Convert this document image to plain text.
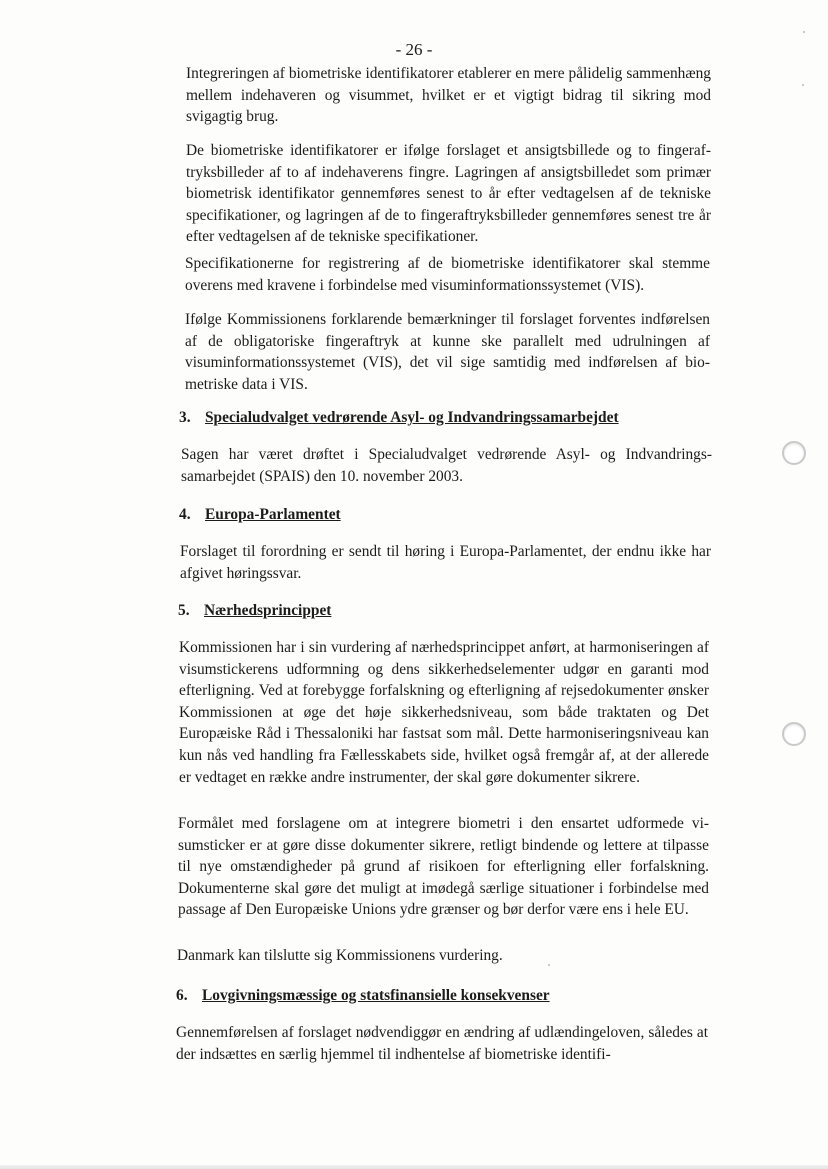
- 26 -

Integreringen af biometriske identifikatorer etablerer en mere pålidelig sammenhæng mellem indehaveren og visummet, hvilket er et vigtigt bidrag til sikring mod svigagtig brug.

De biometriske identifikatorer er ifølge forslaget et ansigtsbillede og to fingeraftryksbilleder af to af indehaverens fingre. Lagringen af ansigtsbilledet som primær biometrisk identifikator gennemføres senest to år efter vedtagelsen af de tekniske specifikationer, og lagringen af de to fingeraftryksbilleder gennemføres senest tre år efter vedtagelsen af de tekniske specifikationer.

Specifikationerne for registrering af de biometriske identifikatorer skal stemme overens med kravene i forbindelse med visuminformationssystemet (VIS).

Ifølge Kommissionens forklarende bemærkninger til forslaget forventes indførelsen af de obligatoriske fingeraftryk at kunne ske parallelt med udrulningen af visuminformationssystemet (VIS), det vil sige samtidig med indførelsen af biometriske data i VIS.

3. Specialudvalget vedrørende Asyl- og Indvandringssamarbejdet

Sagen har været drøftet i Specialudvalget vedrørende Asyl- og Indvandringssamarbejdet (SPAIS) den 10. november 2003.

4. Europa-Parlamentet

Forslaget til forordning er sendt til høring i Europa-Parlamentet, der endnu ikke har afgivet høringssvar.

5. Nærhedsprincippet

Kommissionen har i sin vurdering af nærhedsprincippet anført, at harmoniseringen af visumstickerens udformning og dens sikkerhedselementer udgør en garanti mod efterligning. Ved at forebygge forfalskning og efterligning af rejsedokumenter ønsker Kommissionen at øge det høje sikkerhedsniveau, som både traktaten og Det Europæiske Råd i Thessaloniki har fastsat som mål. Dette harmoniseringsniveau kan kun nås ved handling fra Fællesskabets side, hvilket også fremgår af, at der allerede er vedtaget en række andre instrumenter, der skal gøre dokumenter sikrere.

Formålet med forslagene om at integrere biometri i den ensartet udformede visumsticker er at gøre disse dokumenter sikrere, retligt bindende og lettere at tilpasse til nye omstændigheder på grund af risikoen for efterligning eller forfalskning. Dokumenterne skal gøre det muligt at imødegå særlige situationer i forbindelse med passage af Den Europæiske Unions ydre grænser og bør derfor være ens i hele EU.

Danmark kan tilslutte sig Kommissionens vurdering.

6. Lovgivningsmæssige og statsfinansielle konsekvenser

Gennemførelsen af forslaget nødvendiggør en ændring af udlændingeloven, således at der indsættes en særlig hjemmel til indhentelse af biometriske identifi-
